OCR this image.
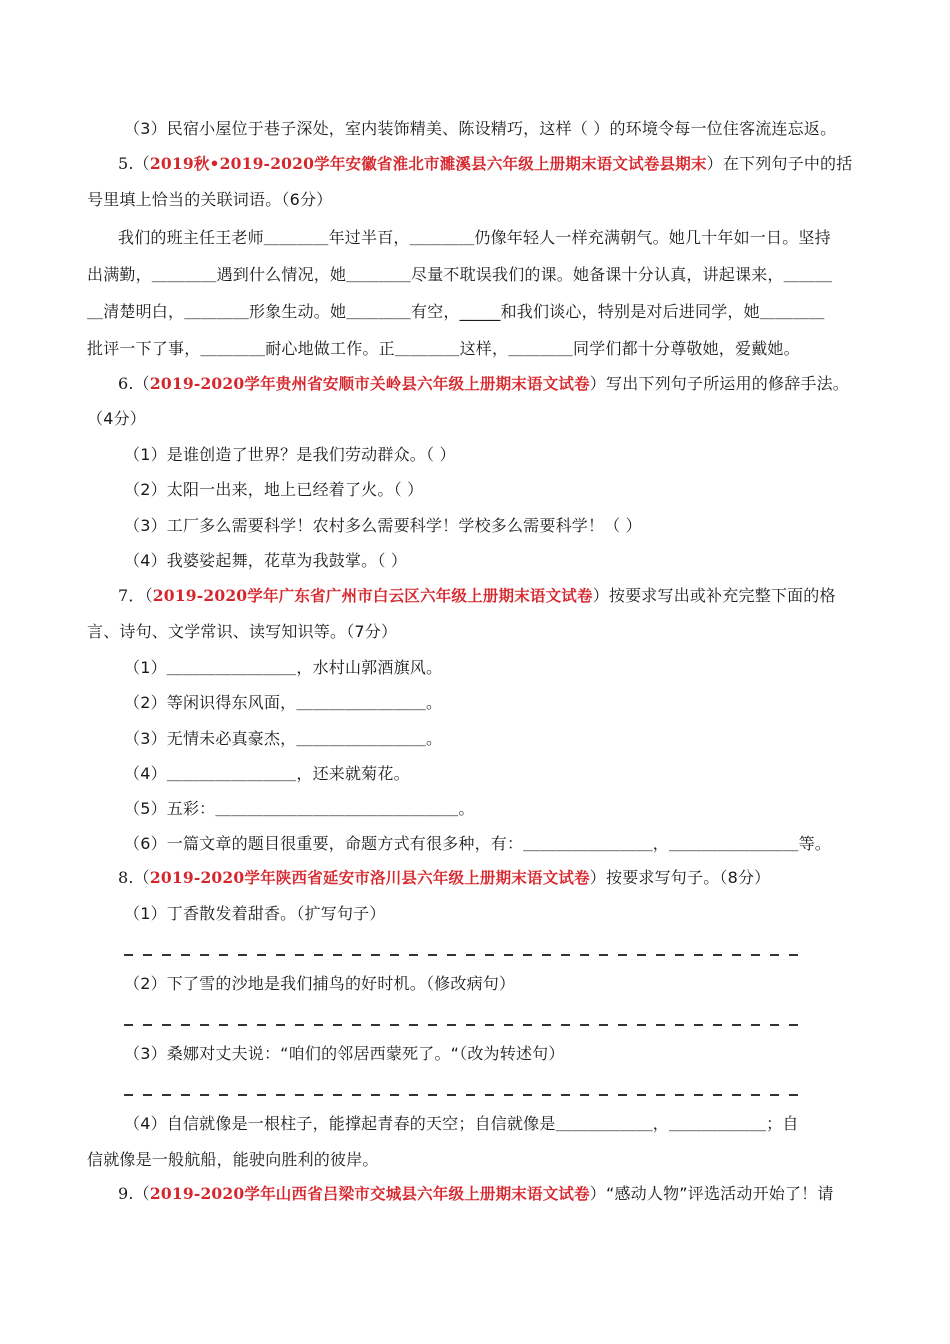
（3）民宿小屋位于巷子深处，室内装饰精美、陈设精巧，这样（ ）的环境令每一位住客流连忘返。
5.（2019秋•2019-2020学年安徽省淮北市濉溪县六年级上册期末语文试卷县期末）在下列句子中的括
号里填上恰当的关联词语。（6分）
我们的班主任王老师＿＿＿＿年过半百，＿＿＿＿仍像年轻人一样充满朝气。她几十年如一日。坚持
出满勤，＿＿＿＿遇到什么情况，她＿＿＿＿尽量不耽误我们的课。她备课十分认真，讲起课来，＿＿＿
＿清楚明白，＿＿＿＿形象生动。她＿＿＿＿有空，_____和我们谈心，特别是对后进同学，她＿＿＿＿
批评一下了事，＿＿＿＿耐心地做工作。正＿＿＿＿这样，＿＿＿＿同学们都十分尊敬她，爱戴她。
6.（2019-2020学年贵州省安顺市关岭县六年级上册期末语文试卷）写出下列句子所运用的修辞手法。
（4分）
（1）是谁创造了世界？是我们劳动群众。（ ）
（2）太阳一出来，地上已经着了火。（ ）
（3）工厂多么需要科学！农村多么需要科学！学校多么需要科学！（ ）
（4）我婆娑起舞，花草为我鼓掌。（ ）
7．（2019-2020学年广东省广州市白云区六年级上册期末语文试卷）按要求写出或补充完整下面的格
言、诗句、文学常识、读写知识等。（7分）
（1）＿＿＿＿＿＿＿＿，水村山郭酒旗风。
（2）等闲识得东风面，＿＿＿＿＿＿＿＿。
（3）无情未必真豪杰，＿＿＿＿＿＿＿＿。
（4）＿＿＿＿＿＿＿＿，还来就菊花。
（5）五彩：＿＿＿＿＿＿＿＿＿＿＿＿＿＿＿。
（6）一篇文章的题目很重要，命题方式有很多种，有：＿＿＿＿＿＿＿＿，＿＿＿＿＿＿＿＿等。
8.（2019-2020学年陕西省延安市洛川县六年级上册期末语文试卷）按要求写句子。（8分）
（1）丁香散发着甜香。（扩写句子）
（2）下了雪的沙地是我们捕鸟的好时机。（修改病句）
（3）桑娜对丈夫说：“咱们的邻居西蒙死了。“（改为转述句）
（4）自信就像是一根柱子，能撑起青春的天空；自信就像是＿＿＿＿＿＿，＿＿＿＿＿＿；自
信就像是一般航船，能驶向胜利的彼岸。
9.（2019-2020学年山西省吕梁市交城县六年级上册期末语文试卷）“感动人物”评选活动开始了！请
